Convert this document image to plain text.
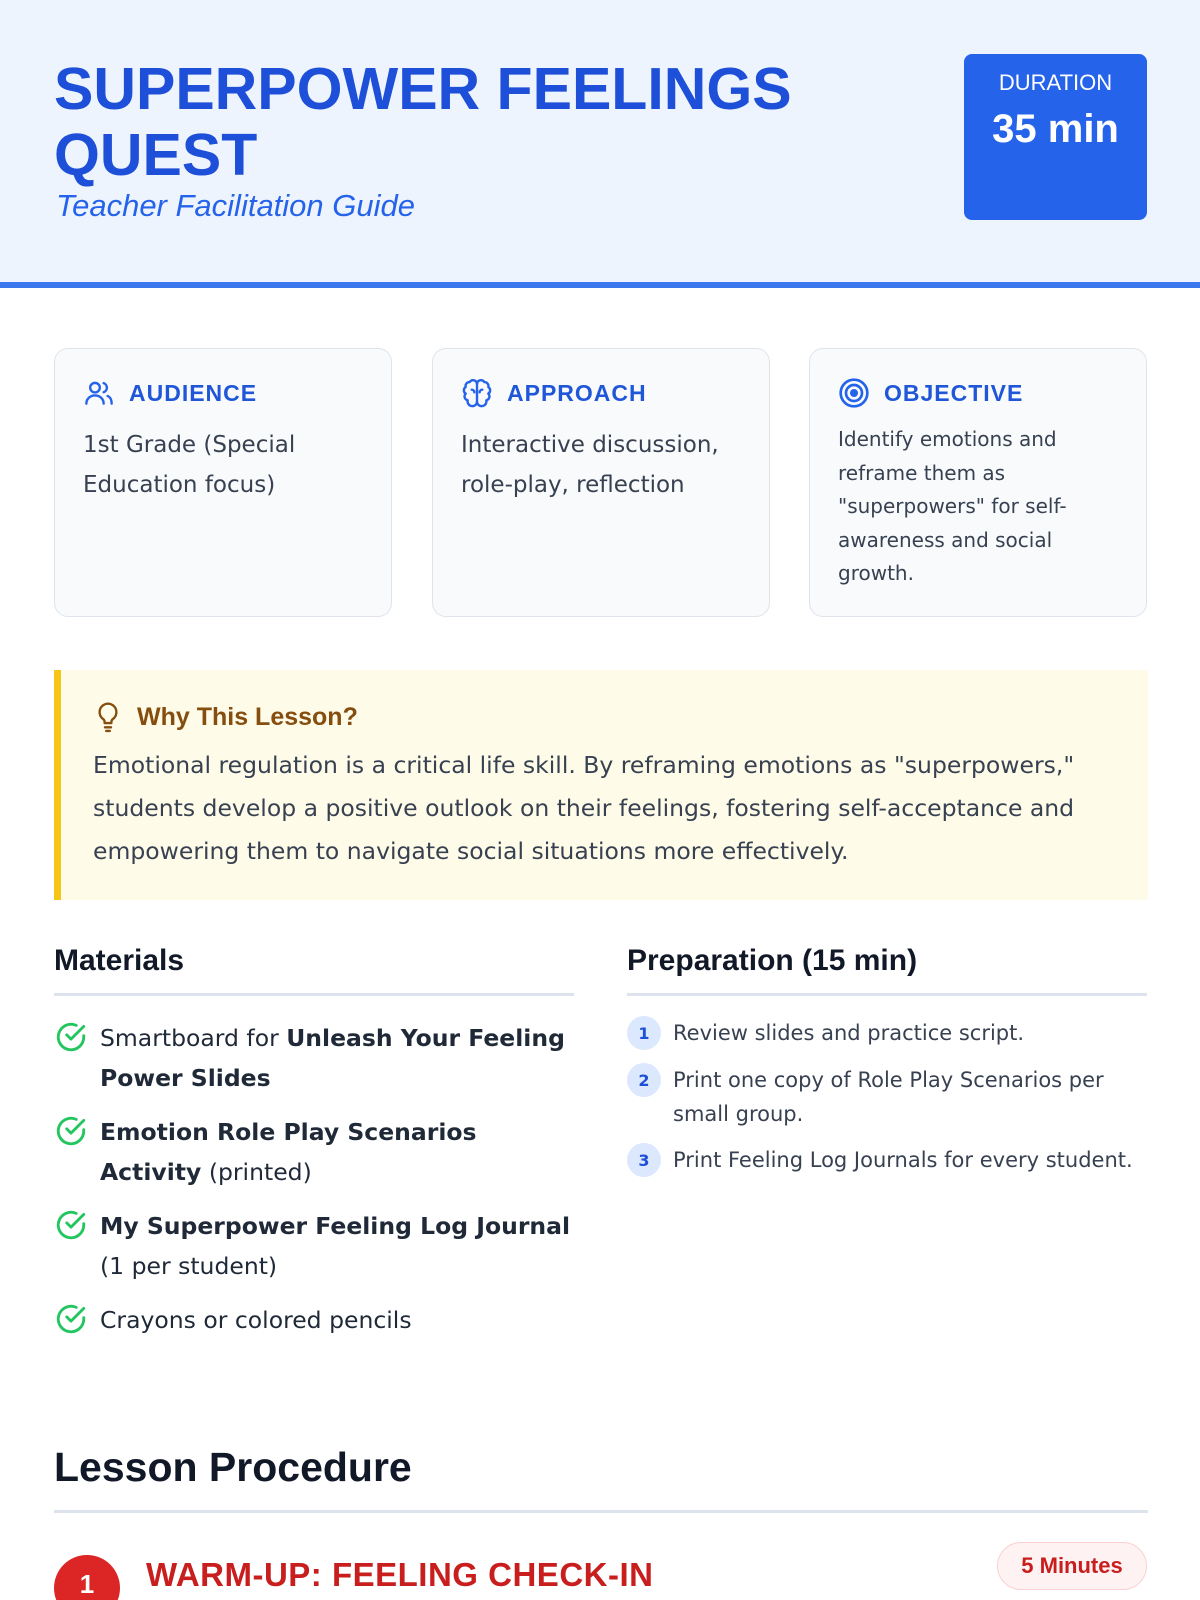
SUPERPOWER FEELINGS QUEST
Teacher Facilitation Guide
DURATION
35 min
AUDIENCE
1st Grade (Special Education focus)
APPROACH
Interactive discussion, role-play, reflection
OBJECTIVE
Identify emotions and reframe them as "superpowers" for self-awareness and social growth.
Why This Lesson?

Emotional regulation is a critical life skill. By reframing emotions as "superpowers," students develop a positive outlook on their feelings, fostering self-acceptance and empowering them to navigate social situations more effectively.

Materials
Smartboard for Unleash Your Feeling Power Slides
Emotion Role Play Scenarios Activity (printed)
My Superpower Feeling Log Journal (1 per student)
Crayons or colored pencils
Preparation (15 min)
1	Review slides and practice script.
2	Print one copy of Role Play Scenarios per small group.
3	Print Feeling Log Journals for every student.
Lesson Procedure
1	WARM-UP: FEELING CHECK-IN	5 Minutes
